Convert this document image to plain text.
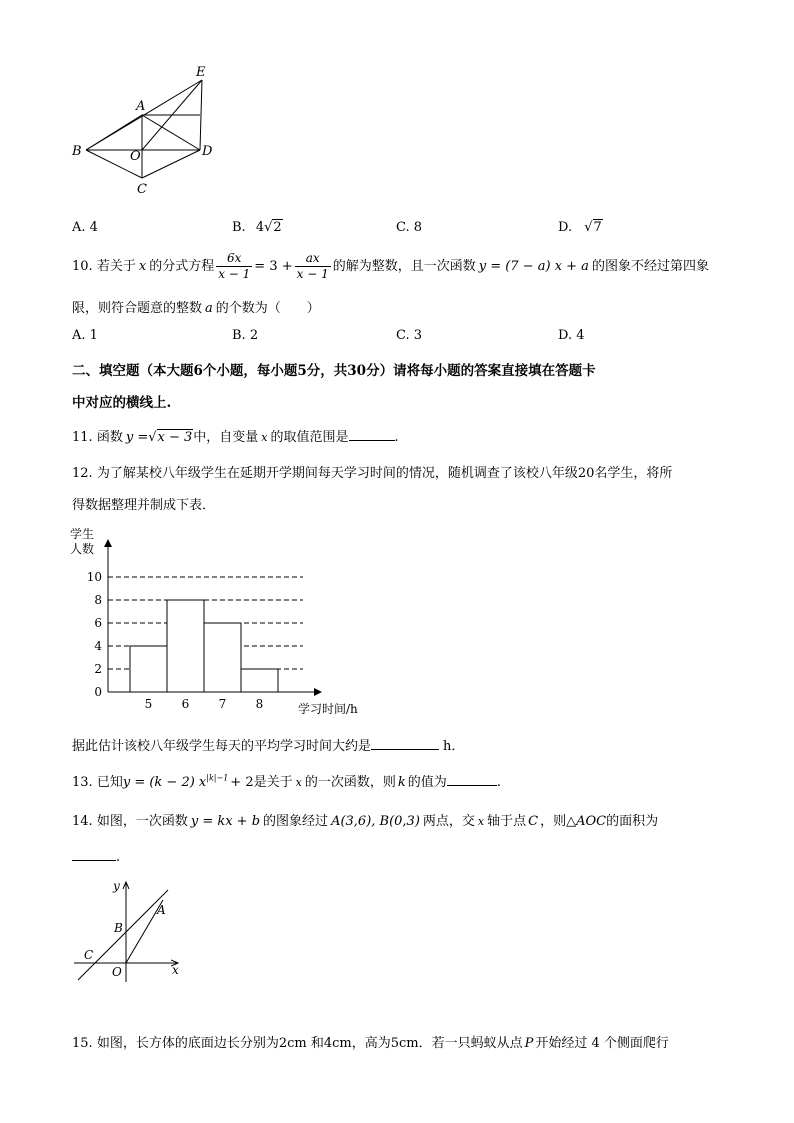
A
B
C
D
E
O
A. 4	B. 4√2	C. 8	D. √7
10. 若关于 x 的分式方程 $\frac{6x}{x - 1} = 3 + \frac{ax}{x - 1}$ 的解为整数，且一次函数 y = (7 − a) x + a 的图象不经过第四象
限，则符合题意的整数 a 的个数为（　　）
A. 1	B. 2	C. 3	D. 4
二、填空题（本大题6个小题，每小题5分，共30分）请将每小题的答案直接填在答题卡
中对应的横线上.
11. 函数 y =√x − 3中，自变量 x 的取值范围是	.
12. 为了解某校八年级学生在延期开学期间每天学习时间的情况，随机调查了该校八年级20名学生，将所
得数据整理并制成下表．
0
2
4
6
8
10
5 6 7 8
学生
人数
学习时间/h
据此估计该校八年级学生每天的平均学习时间大约是	h．
13. 已知y = (k − 2) $x^{|k|-1} + 2$是关于 x 的一次函数，则 k 的值为	.
14. 如图，一次函数 y = kx + b 的图象经过 A(3,6), B(0,3) 两点，交 x 轴于点 C ，则△AOC的面积为
.
y
A
B
C
O	x
15. 如图，长方体的底面边长分别为2cm 和4cm，高为5cm．若一只蚂蚁从点 P 开始经过 4 个侧面爬行
